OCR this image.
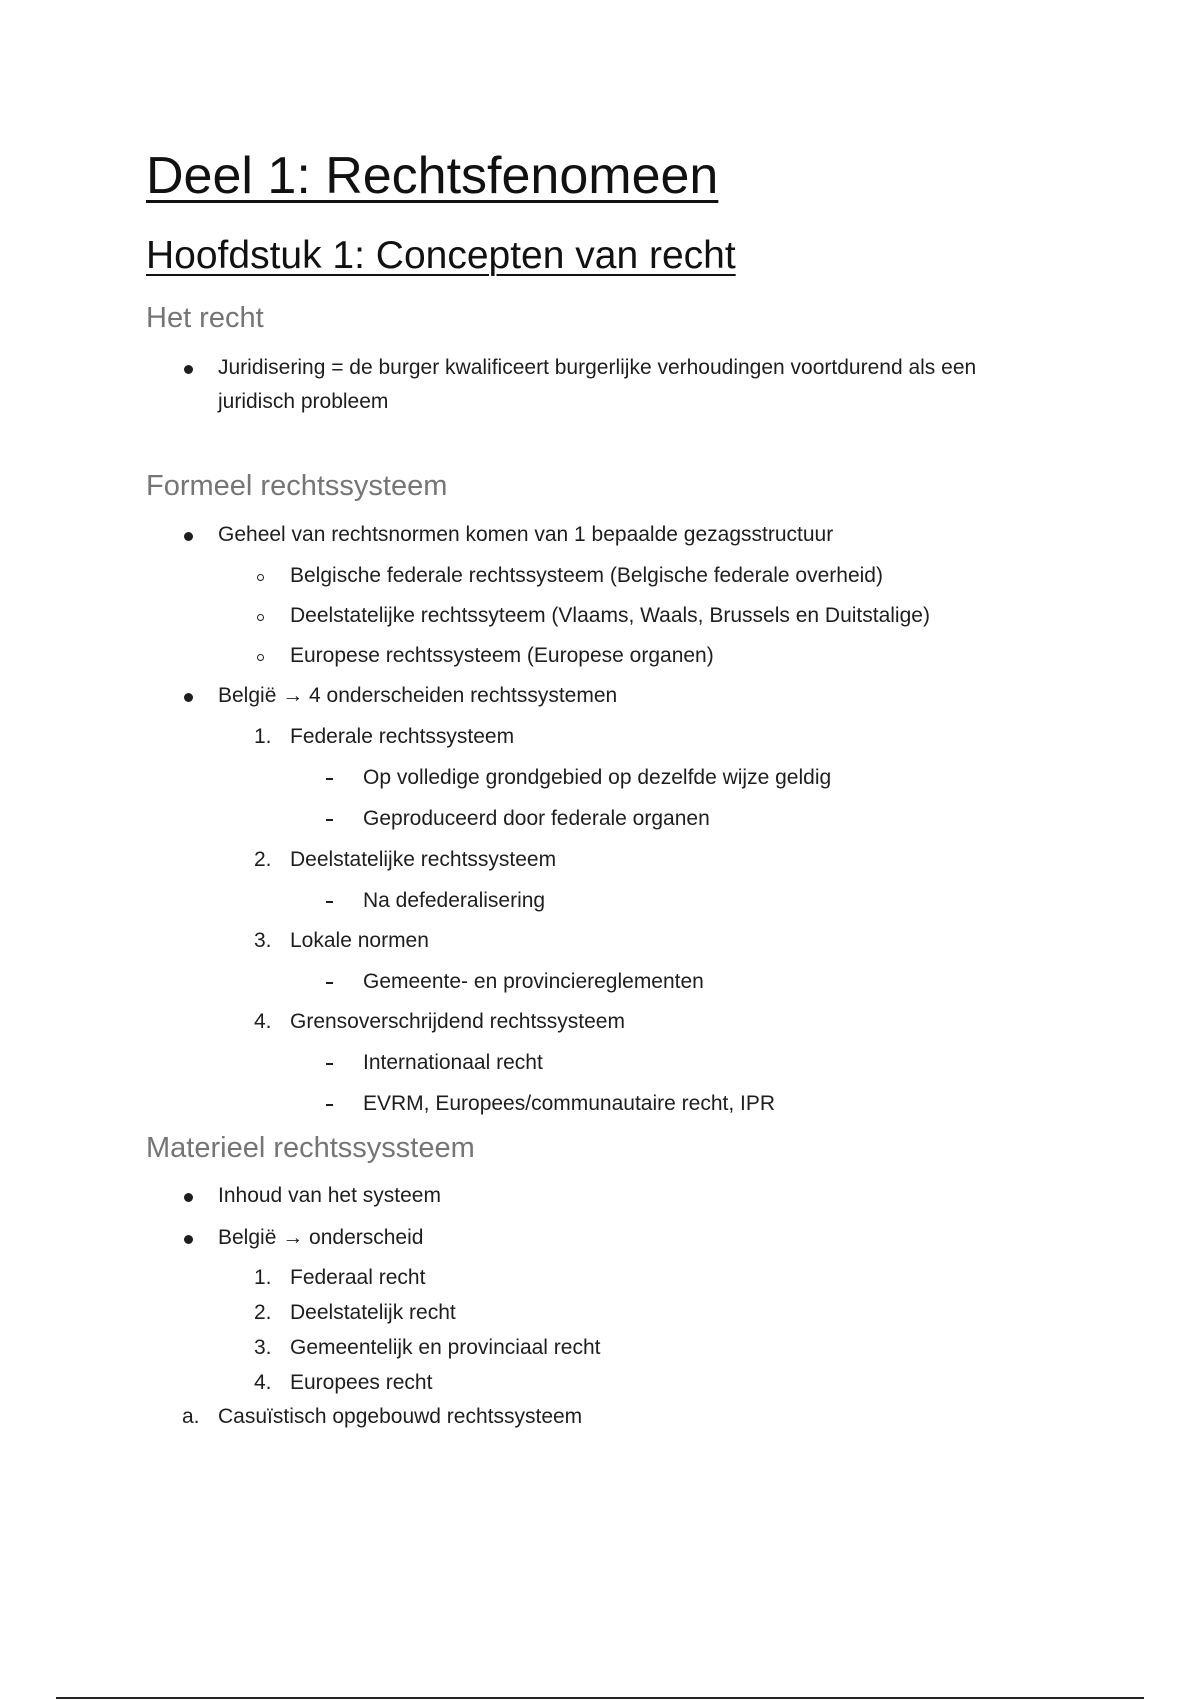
Deel 1: Rechtsfenomeen
Hoofdstuk 1: Concepten van recht
Het recht
Juridisering = de burger kwalificeert burgerlijke verhoudingen voortdurend als een
juridisch probleem
Formeel rechtssysteem
Geheel van rechtsnormen komen van 1 bepaalde gezagsstructuur
Belgische federale rechtssysteem (Belgische federale overheid)
Deelstatelijke rechtssyteem (Vlaams, Waals, Brussels en Duitstalige)
Europese rechtssysteem (Europese organen)
België → 4 onderscheiden rechtssystemen
1. Federale rechtssysteem
Op volledige grondgebied op dezelfde wijze geldig
Geproduceerd door federale organen
2. Deelstatelijke rechtssysteem
Na defederalisering
3. Lokale normen
Gemeente- en provinciereglementen
4. Grensoverschrijdend rechtssysteem
Internationaal recht
EVRM, Europees/communautaire recht, IPR
Materieel rechtssyssteem
Inhoud van het systeem
België → onderscheid
1. Federaal recht
2. Deelstatelijk recht
3. Gemeentelijk en provinciaal recht
4. Europees recht
a. Casuïstisch opgebouwd rechtssysteem
